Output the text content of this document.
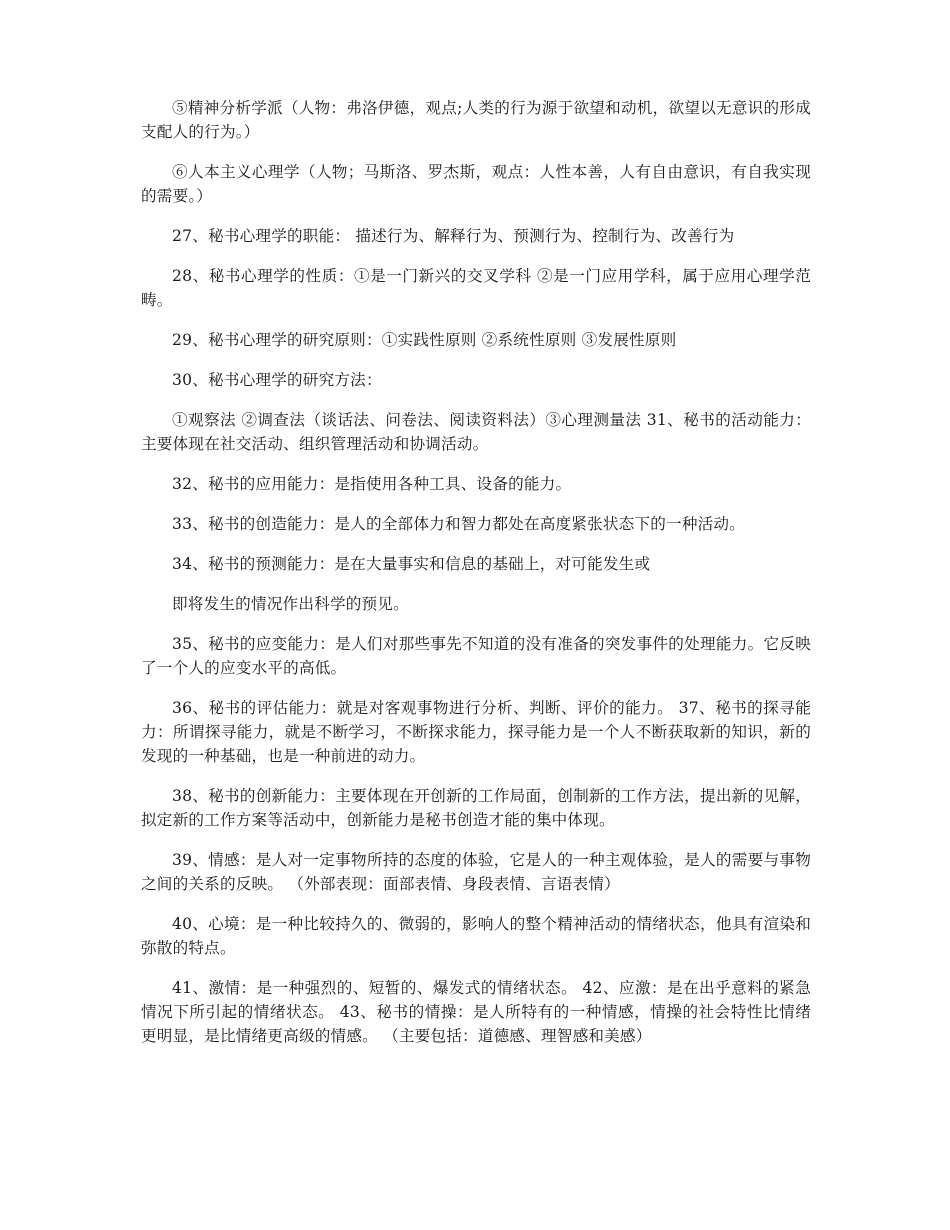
⑤精神分析学派（人物：弗洛伊德，观点;人类的行为源于欲望和动机，欲望以无意识的形成支配人的行为。）

⑥人本主义心理学（人物；马斯洛、罗杰斯，观点：人性本善，人有自由意识，有自我实现的需要。）

27、秘书心理学的职能： 描述行为、解释行为、预测行为、控制行为、改善行为

28、秘书心理学的性质：①是一门新兴的交叉学科 ②是一门应用学科，属于应用心理学范畴。

29、秘书心理学的研究原则：①实践性原则 ②系统性原则 ③发展性原则

30、秘书心理学的研究方法：

①观察法 ②调查法（谈话法、问卷法、阅读资料法）③心理测量法 31、秘书的活动能力：主要体现在社交活动、组织管理活动和协调活动。

32、秘书的应用能力：是指使用各种工具、设备的能力。

33、秘书的创造能力：是人的全部体力和智力都处在高度紧张状态下的一种活动。

34、秘书的预测能力：是在大量事实和信息的基础上，对可能发生或

即将发生的情况作出科学的预见。

35、秘书的应变能力：是人们对那些事先不知道的没有准备的突发事件的处理能力。它反映了一个人的应变水平的高低。

36、秘书的评估能力：就是对客观事物进行分析、判断、评价的能力。 37、秘书的探寻能力：所谓探寻能力，就是不断学习，不断探求能力，探寻能力是一个人不断获取新的知识，新的发现的一种基础，也是一种前进的动力。

38、秘书的创新能力：主要体现在开创新的工作局面，创制新的工作方法，提出新的见解，拟定新的工作方案等活动中，创新能力是秘书创造才能的集中体现。

39、情感：是人对一定事物所持的态度的体验，它是人的一种主观体验，是人的需要与事物之间的关系的反映。 （外部表现：面部表情、身段表情、言语表情）

40、心境：是一种比较持久的、微弱的，影响人的整个精神活动的情绪状态，他具有渲染和弥散的特点。

41、激情：是一种强烈的、短暂的、爆发式的情绪状态。 42、应激：是在出乎意料的紧急情况下所引起的情绪状态。 43、秘书的情操：是人所特有的一种情感，情操的社会特性比情绪更明显，是比情绪更高级的情感。 （主要包括：道德感、理智感和美感）
